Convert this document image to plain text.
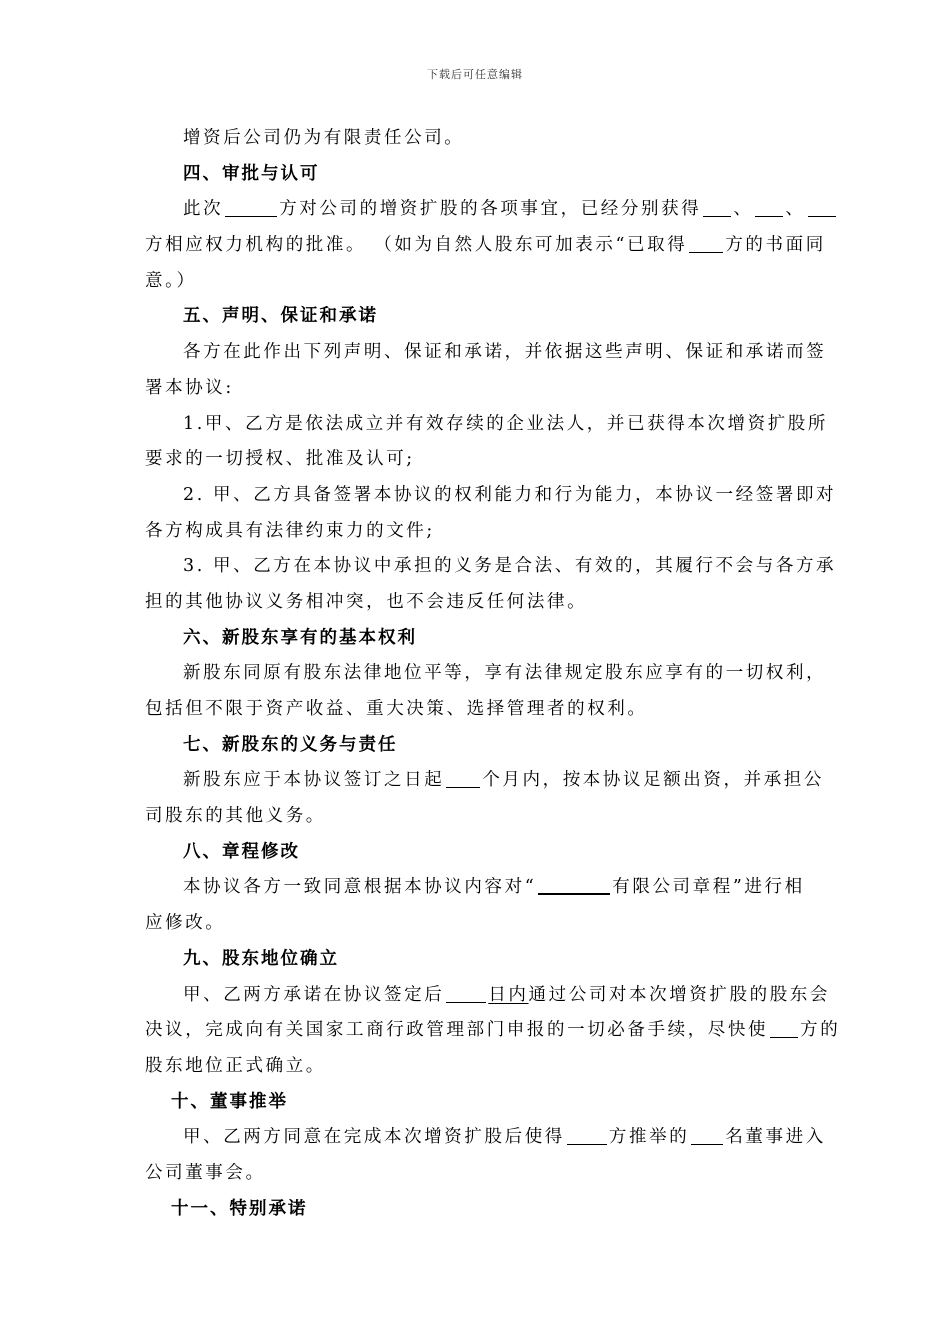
下载后可任意编辑
增资后公司仍为有限责任公司。
四、审批与认可
此次	方对公司的增资扩股的各项事宜，已经分别获得 、 、
方相应权力机构的批准。 （如为自然人股东可加表示“已取得 方的书面同
意。）
五、声明、保证和承诺
各方在此作出下列声明、保证和承诺，并依据这些声明、保证和承诺而签
署本协议:
1.甲、乙方是依法成立并有效存续的企业法人，并已获得本次增资扩股所
要求的一切授权、批准及认可;
2. 甲、乙方具备签署本协议的权利能力和行为能力，本协议一经签署即对
各方构成具有法律约束力的文件;
3. 甲、乙方在本协议中承担的义务是合法、有效的，其履行不会与各方承
担的其他协议义务相冲突，也不会违反任何法律。
六、新股东享有的基本权利
新股东同原有股东法律地位平等，享有法律规定股东应享有的一切权利，
包括但不限于资产收益、重大决策、选择管理者的权利。
七、新股东的义务与责任
新股东应于本协议签订之日起 个月内，按本协议足额出资，并承担公
司股东的其他义务。
八、章程修改
本协议各方一致同意根据本协议内容对“	有限公司章程”进行相
应修改。
九、股东地位确立
甲、乙两方承诺在协议签定后	日内通过公司对本次增资扩股的股东会
决议，完成向有关国家工商行政管理部门申报的一切必备手续，尽快使 方的
股东地位正式确立。
十、董事推举
甲、乙两方同意在完成本次增资扩股后使得	方推举的 名董事进入
公司董事会。
十一、特别承诺
